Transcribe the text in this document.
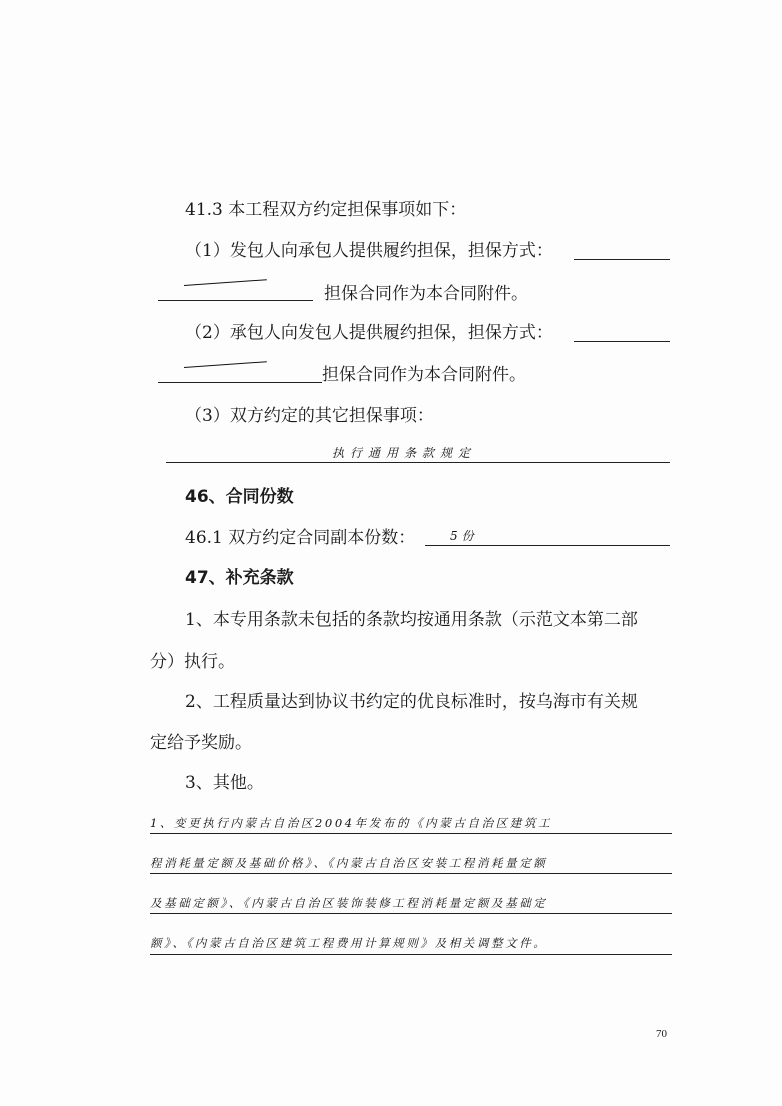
41.3 本工程双方约定担保事项如下：
（1）发包人向承包人提供履约担保，担保方式：
担保合同作为本合同附件。
（2）承包人向发包人提供履约担保，担保方式：
担保合同作为本合同附件。
（3）双方约定的其它担保事项：
执行通用条款规定
46、合同份数
46.1 双方约定合同副本份数：	5份
47、补充条款
1、本专用条款未包括的条款均按通用条款（示范文本第二部
分）执行。
2、工程质量达到协议书约定的优良标准时，按乌海市有关规
定给予奖励。
3、其他。
1、变更执行内蒙古自治区2004年发布的《内蒙古自治区建筑工
程消耗量定额及基础价格》、《内蒙古自治区安装工程消耗量定额
及基础定额》、《内蒙古自治区装饰装修工程消耗量定额及基础定
额》、《内蒙古自治区建筑工程费用计算规则》及相关调整文件。
70
